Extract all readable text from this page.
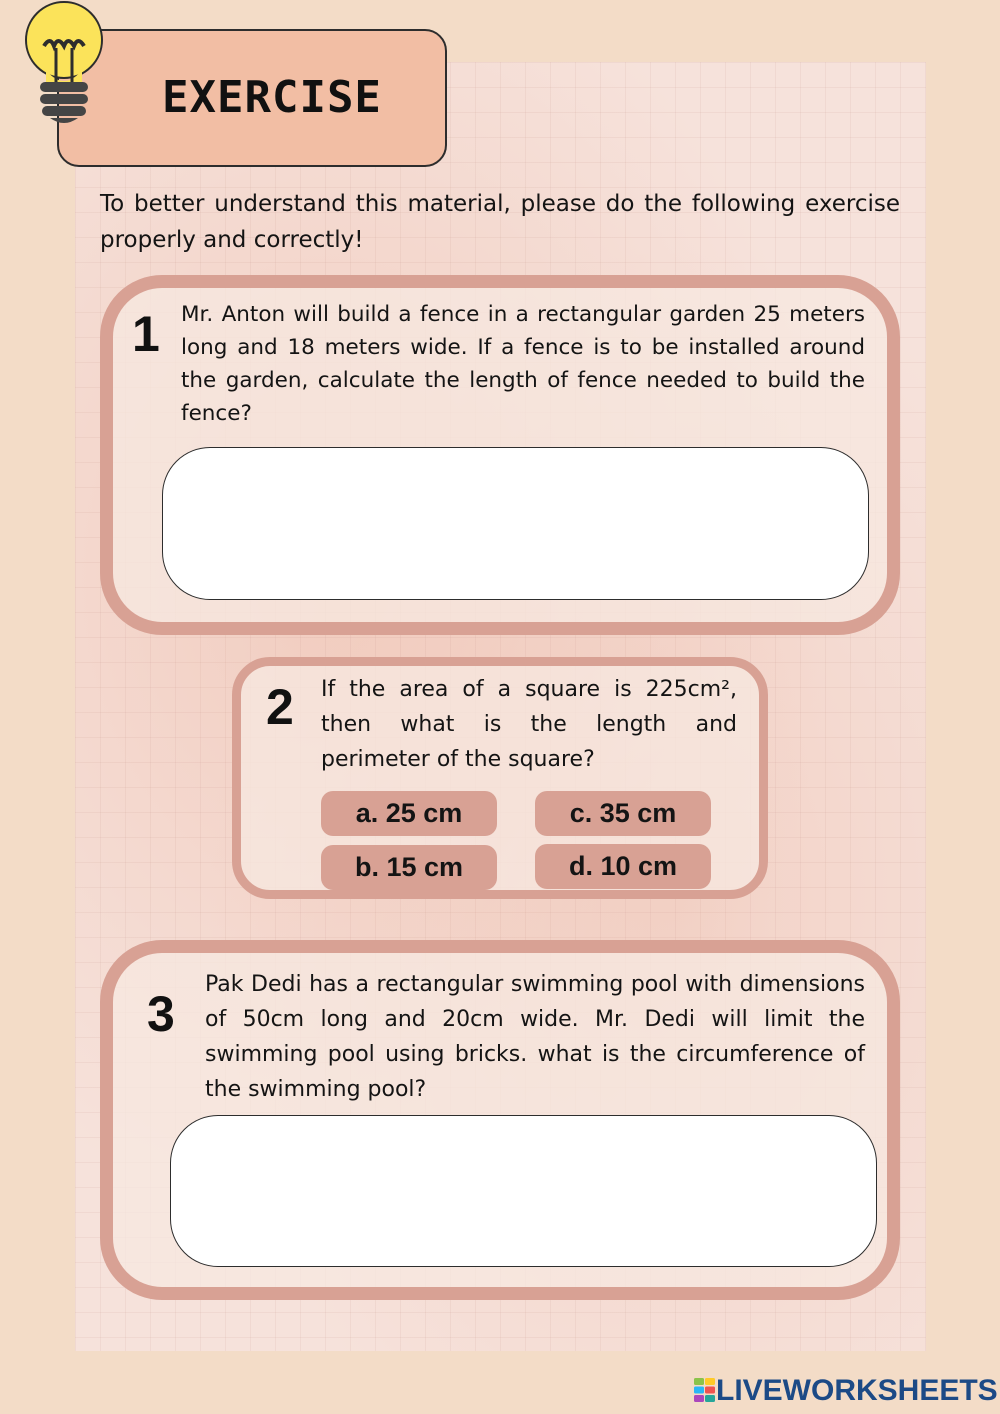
EXERCISE
To better understand this material, please do the following exercise properly and correctly!
1 Mr. Anton will build a fence in a rectangular garden 25 meters long and 18 meters wide. If a fence is to be installed around the garden, calculate the length of fence needed to build the fence?
2 If the area of a square is 225cm², then what is the length and perimeter of the square?
a. 25 cm
b. 15 cm
c. 35 cm
d. 10 cm
3
Pak Dedi has a rectangular swimming pool with dimensions of 50cm long and 20cm wide. Mr. Dedi will limit the swimming pool using bricks. what is the circumference of the swimming pool?
LIVEWORKSHEETS
